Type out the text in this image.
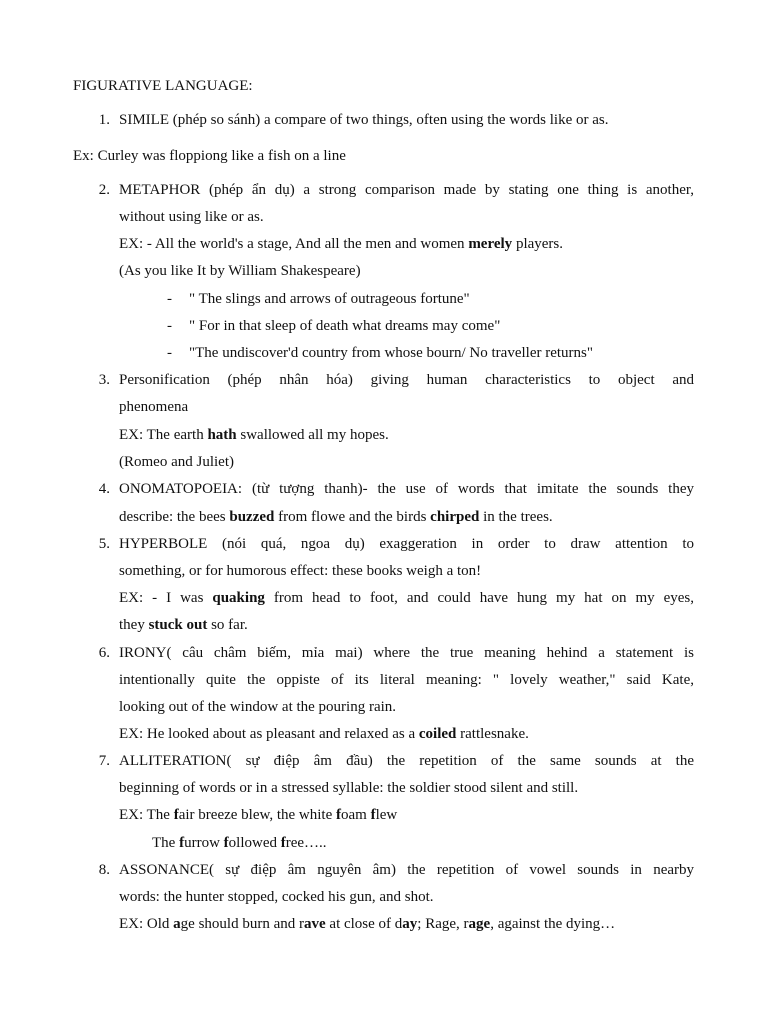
FIGURATIVE LANGUAGE:
1. SIMILE (phép so sánh) a compare of two things, often using the words like or as.
Ex: Curley was floppiong like a fish on a line
2. METAPHOR (phép ẩn dụ) a strong comparison made by stating one thing is another,
without using like or as.
EX: - All the world's a stage, And all the men and women merely players.
(As you like It by William Shakespeare)
- " The slings and arrows of outrageous fortune"
- " For in that sleep of death what dreams may come"
- "The undiscover'd country from whose bourn/ No traveller returns"
3. Personification (phép nhân hóa) giving human characteristics to object and
phenomena
EX: The earth hath swallowed all my hopes.
(Romeo and Juliet)
4. ONOMATOPOEIA: (từ tượng thanh)- the use of words that imitate the sounds they
describe: the bees buzzed from flowe and the birds chirped in the trees.
5. HYPERBOLE (nói quá, ngoa dụ) exaggeration in order to draw attention to
something, or for humorous effect: these books weigh a ton!
EX: - I was quaking from head to foot, and could have hung my hat on my eyes,
they stuck out so far.
6. IRONY( câu châm biếm, mỉa mai) where the true meaning hehind a statement is
intentionally quite the oppiste of its literal meaning: " lovely weather," said Kate,
looking out of the window at the pouring rain.
EX: He looked about as pleasant and relaxed as a coiled rattlesnake.
7. ALLITERATION( sự điệp âm đầu) the repetition of the same sounds at the
beginning of words or in a stressed syllable: the soldier stood silent and still.
EX: The fair breeze blew, the white foam flew
The furrow followed free…..
8. ASSONANCE( sự điệp âm nguyên âm) the repetition of vowel sounds in nearby
words: the hunter stopped, cocked his gun, and shot.
EX: Old age should burn and rave at close of day; Rage, rage, against the dying…
